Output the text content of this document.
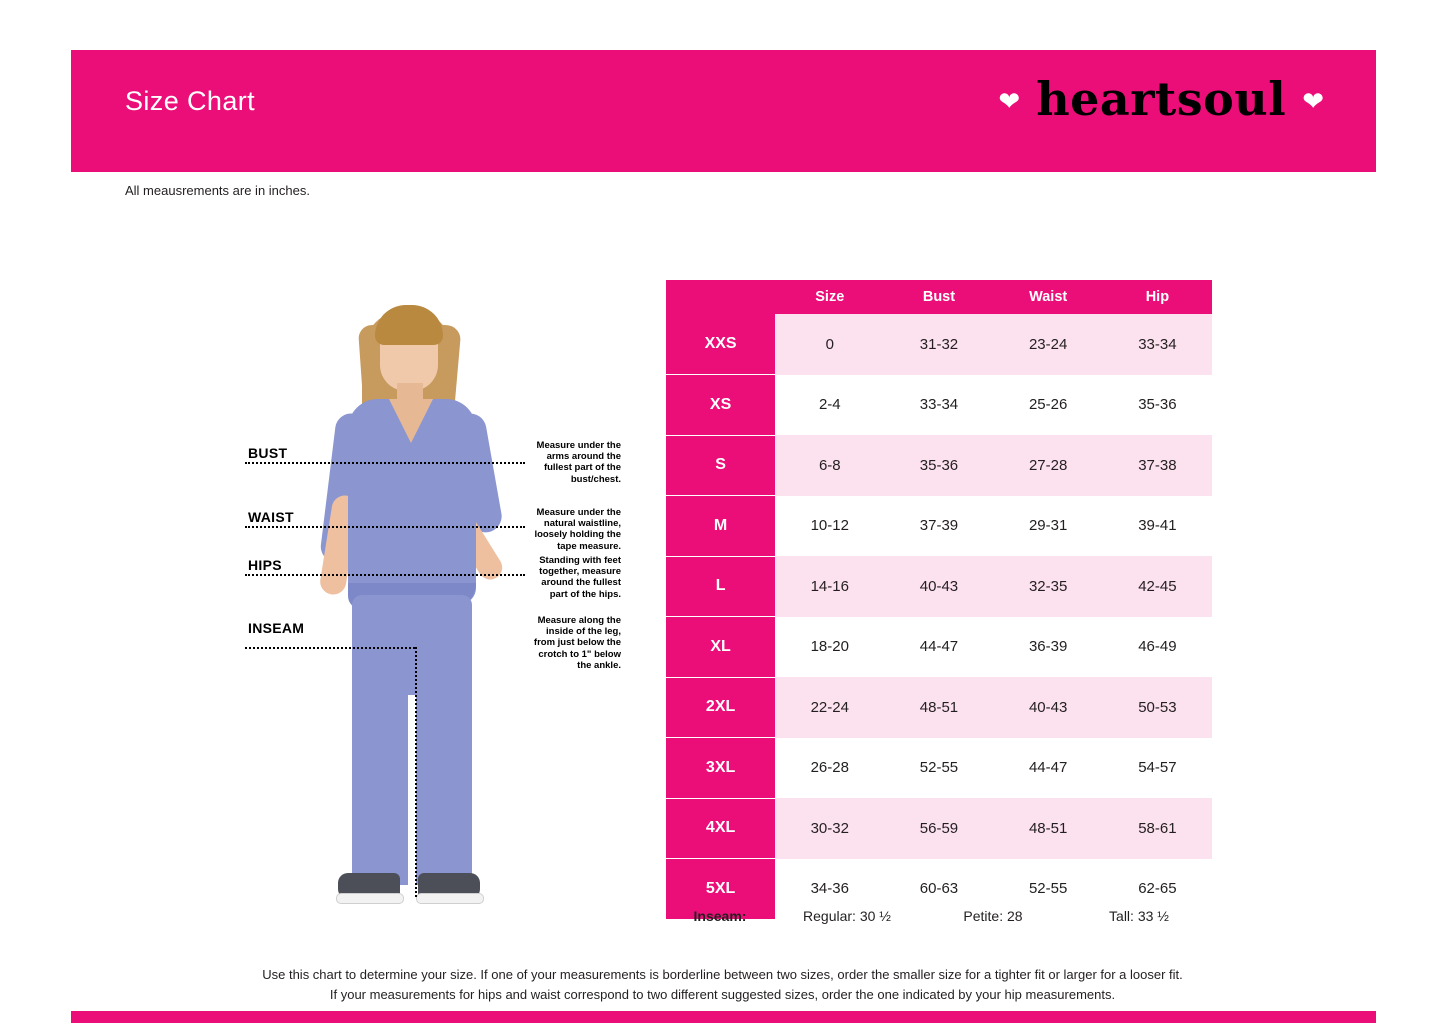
Size Chart	❤ heartsoul ❤
All meausrements are in inches.
BUST	Measure under the arms around the fullest part of the bust/chest.
WAIST	Measure under the natural waistline, loosely holding the tape measure.
HIPS	Standing with feet together, measure around the fullest part of the hips.
INSEAM	Measure along the inside of the leg, from just below the crotch to 1" below the ankle.
	Size	Bust	Waist	Hip
XXS	0	31-32	23-24	33-34
XS	2-4	33-34	25-26	35-36
S	6-8	35-36	27-28	37-38
M	10-12	37-39	29-31	39-41
L	14-16	40-43	32-35	42-45
XL	18-20	44-47	36-39	46-49
2XL	22-24	48-51	40-43	50-53
3XL	26-28	52-55	44-47	54-57
4XL	30-32	56-59	48-51	58-61
5XL	34-36	60-63	52-55	62-65
Inseam:	Regular: 30 ½	Petite: 28	Tall: 33 ½
Use this chart to determine your size. If one of your measurements is borderline between two sizes, order the smaller size for a tighter fit or larger for a looser fit.
If your measurements for hips and waist correspond to two different suggested sizes, order the one indicated by your hip measurements.
